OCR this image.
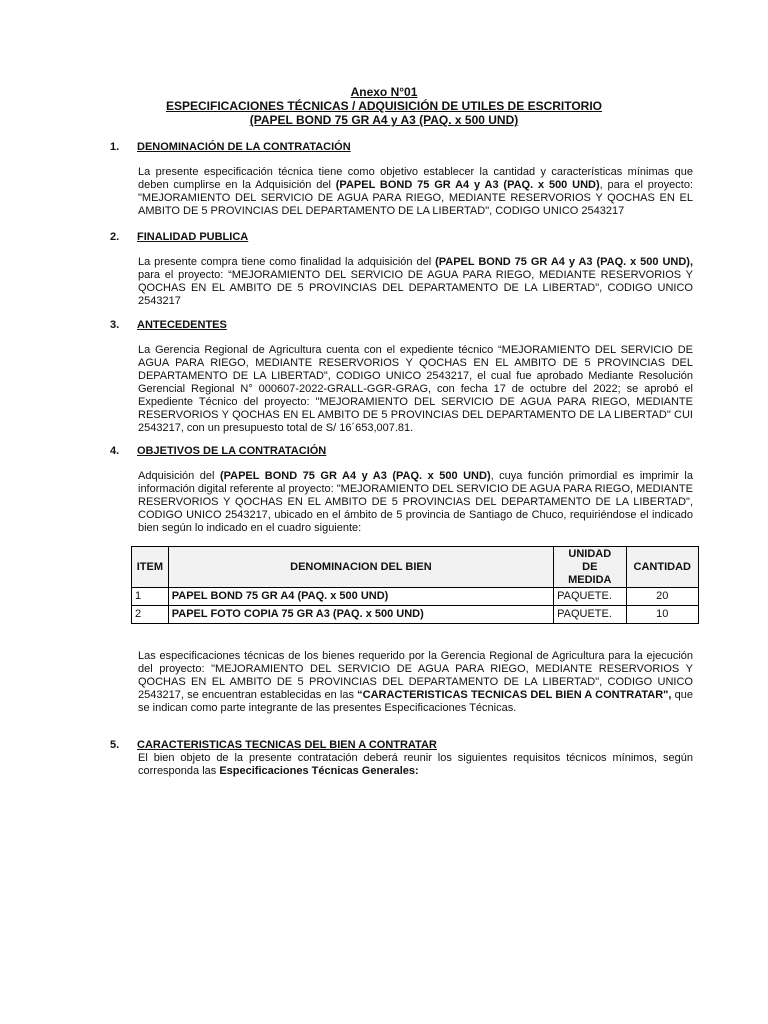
Anexo N°01
ESPECIFICACIONES TÉCNICAS / ADQUISICIÓN DE UTILES DE ESCRITORIO
(PAPEL BOND 75 GR A4 y A3 (PAQ. x 500 UND)
1. DENOMINACIÓN DE LA CONTRATACIÓN
La presente especificación técnica tiene como objetivo establecer la cantidad y características mínimas que deben cumplirse en la Adquisición del (PAPEL BOND 75 GR A4 y A3 (PAQ. x 500 UND), para el proyecto: "MEJORAMIENTO DEL SERVICIO DE AGUA PARA RIEGO, MEDIANTE RESERVORIOS Y QOCHAS EN EL AMBITO DE 5 PROVINCIAS DEL DEPARTAMENTO DE LA LIBERTAD", CODIGO UNICO 2543217
2. FINALIDAD PUBLICA
La presente compra tiene como finalidad la adquisición del (PAPEL BOND 75 GR A4 y A3 (PAQ. x 500 UND), para el proyecto: “MEJORAMIENTO DEL SERVICIO DE AGUA PARA RIEGO, MEDIANTE RESERVORIOS Y QOCHAS EN EL AMBITO DE 5 PROVINCIAS DEL DEPARTAMENTO DE LA LIBERTAD", CODIGO UNICO 2543217
3. ANTECEDENTES
La Gerencia Regional de Agricultura cuenta con el expediente técnico “MEJORAMIENTO DEL SERVICIO DE AGUA PARA RIEGO, MEDIANTE RESERVORIOS Y QOCHAS EN EL AMBITO DE 5 PROVINCIAS DEL DEPARTAMENTO DE LA LIBERTAD", CODIGO UNICO 2543217, el cual fue aprobado Mediante Resolución Gerencial Regional N° 000607-2022-GRALL-GGR-GRAG, con fecha 17 de octubre del 2022; se aprobó el Expediente Técnico del proyecto: "MEJORAMIENTO DEL SERVICIO DE AGUA PARA RIEGO, MEDIANTE RESERVORIOS Y QOCHAS EN EL AMBITO DE 5 PROVINCIAS DEL DEPARTAMENTO DE LA LIBERTAD" CUI 2543217, con un presupuesto total de S/ 16´653,007.81.
4. OBJETIVOS DE LA CONTRATACIÓN
Adquisición del (PAPEL BOND 75 GR A4 y A3 (PAQ. x 500 UND), cuya función primordial es imprimir la información digital referente al proyecto: "MEJORAMIENTO DEL SERVICIO DE AGUA PARA RIEGO, MEDIANTE RESERVORIOS Y QOCHAS EN EL AMBITO DE 5 PROVINCIAS DEL DEPARTAMENTO DE LA LIBERTAD", CODIGO UNICO 2543217, ubicado en el ámbito de 5 provincia de Santiago de Chuco, requiriéndose el indicado bien según lo indicado en el cuadro siguiente:
ITEM	DENOMINACION DEL BIEN	UNIDAD
DE
MEDIDA	CANTIDAD
1	PAPEL BOND 75 GR A4 (PAQ. x 500 UND)	PAQUETE.	20
2	PAPEL FOTO COPIA 75 GR A3 (PAQ. x 500 UND)	PAQUETE.	10
Las especificaciones técnicas de los bienes requerido por la Gerencia Regional de Agricultura para la ejecución del proyecto: "MEJORAMIENTO DEL SERVICIO DE AGUA PARA RIEGO, MEDIANTE RESERVORIOS Y QOCHAS EN EL AMBITO DE 5 PROVINCIAS DEL DEPARTAMENTO DE LA LIBERTAD", CODIGO UNICO 2543217, se encuentran establecidas en las “CARACTERISTICAS TECNICAS DEL BIEN A CONTRATAR", que se indican como parte integrante de las presentes Especificaciones Técnicas.
5. CARACTERISTICAS TECNICAS DEL BIEN A CONTRATAR
El bien objeto de la presente contratación deberá reunir los siguientes requisitos técnicos mínimos, según corresponda las Especificaciones Técnicas Generales:
